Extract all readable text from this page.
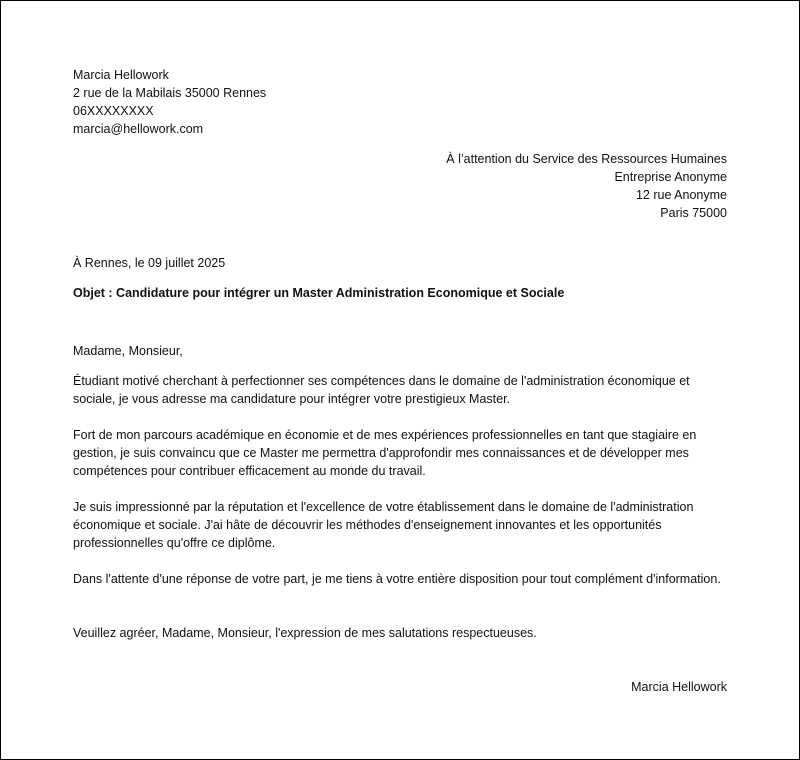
Marcia Hellowork
2 rue de la Mabilais 35000 Rennes
06XXXXXXXX
marcia@hellowork.com
À l’attention du Service des Ressources Humaines
Entreprise Anonyme
12 rue Anonyme
Paris 75000
À Rennes, le 09 juillet 2025
Objet : Candidature pour intégrer un Master Administration Economique et Sociale

Madame, Monsieur,

Étudiant motivé cherchant à perfectionner ses compétences dans le domaine de l'administration économique et sociale, je vous adresse ma candidature pour intégrer votre prestigieux Master.

Fort de mon parcours académique en économie et de mes expériences professionnelles en tant que stagiaire en gestion, je suis convaincu que ce Master me permettra d'approfondir mes connaissances et de développer mes compétences pour contribuer efficacement au monde du travail.

Je suis impressionné par la réputation et l'excellence de votre établissement dans le domaine de l'administration économique et sociale. J'ai hâte de découvrir les méthodes d'enseignement innovantes et les opportunités professionnelles qu'offre ce diplôme.

Dans l'attente d'une réponse de votre part, je me tiens à votre entière disposition pour tout complément d'information.

Veuillez agréer, Madame, Monsieur, l'expression de mes salutations respectueuses.

Marcia Hellowork
